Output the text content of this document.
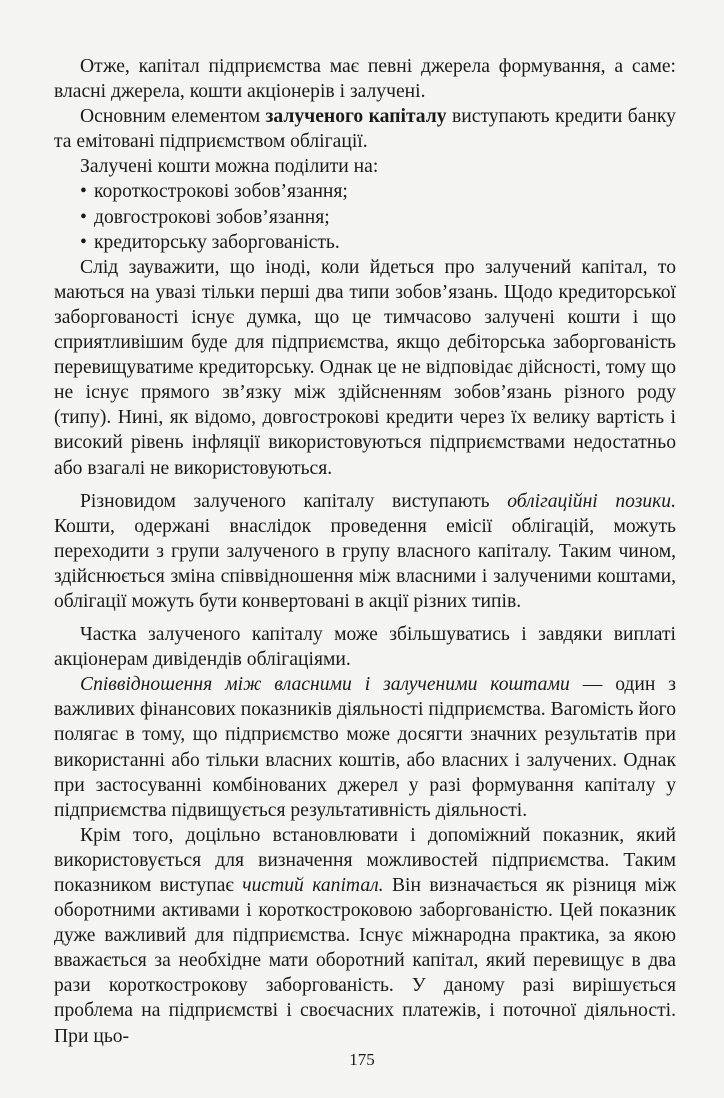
Отже, капітал підприємства має певні джерела формування, а саме: власні джерела, кошти акціонерів і залучені.

Основним елементом залученого капіталу виступають кредити банку та емітовані підприємством облігації.

Залучені кошти можна поділити на:

• короткострокові зобов’язання;

• довгострокові зобов’язання;

• кредиторську заборгованість.

Слід зауважити, що іноді, коли йдеться про залучений капітал, то маються на увазі тільки перші два типи зобов’язань. Щодо кредиторської заборгованості існує думка, що це тимчасово залучені кошти і що сприятливішим буде для підприємства, якщо дебіторська заборгованість перевищуватиме кредиторську. Однак це не відповідає дійсності, тому що не існує прямого зв’язку між здійсненням зобов’язань різного роду (типу). Нині, як відомо, довгострокові кредити через їх велику вартість і високий рівень інфляції використовуються підприємствами недостатньо або взагалі не використовуються.

Різновидом залученого капіталу виступають облігаційні позики. Кошти, одержані внаслідок проведення емісії облігацій, можуть переходити з групи залученого в групу власного капіталу. Таким чином, здійснюється зміна співвідношення між власними і залученими коштами, облігації можуть бути конвертовані в акції різних типів.

Частка залученого капіталу може збільшуватись і завдяки виплаті акціонерам дивідендів облігаціями.

Співвідношення між власними і залученими коштами — один з важливих фінансових показників діяльності підприємства. Вагомість його полягає в тому, що підприємство може досягти значних результатів при використанні або тільки власних коштів, або власних і залучених. Однак при застосуванні комбінованих джерел у разі формування капіталу у підприємства підвищується результативність діяльності.

Крім того, доцільно встановлювати і допоміжний показник, який використовується для визначення можливостей підприємства. Таким показником виступає чистий капітал. Він визначається як різниця між оборотними активами і короткостроковою заборгованістю. Цей показник дуже важливий для підприємства. Існує міжнародна практика, за якою вважається за необхідне мати оборотний капітал, який перевищує в два рази короткострокову заборгованість. У даному разі вирішується проблема на підприємстві і своєчасних платежів, і поточної діяльності. При цьо-

175
